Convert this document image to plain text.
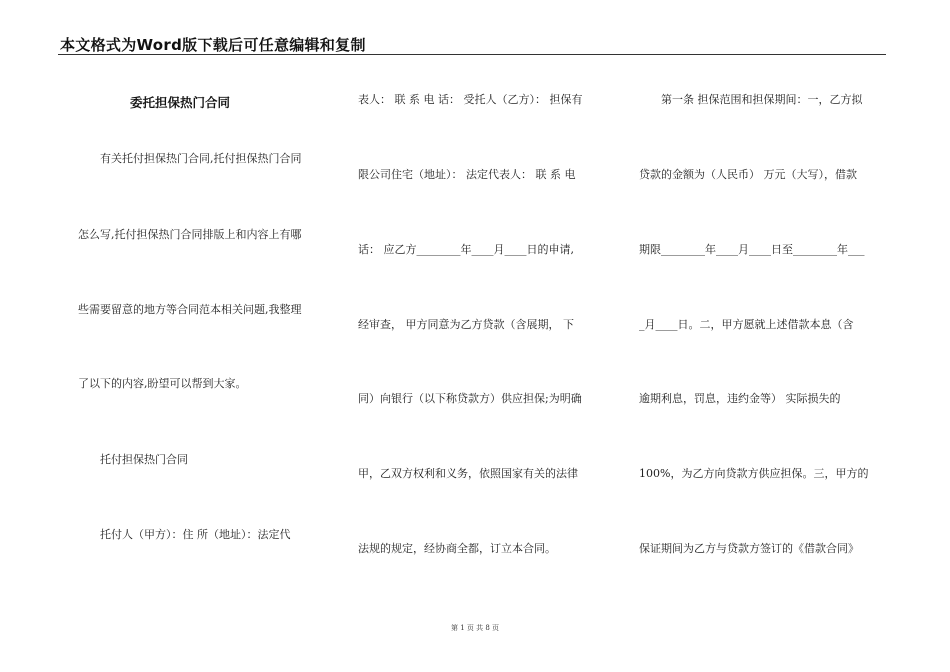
本文格式为Word版下载后可任意编辑和复制
委托担保热门合同
　　有关托付担保热门合同,托付担保热门合同
怎么写,托付担保热门合同排版上和内容上有哪
些需要留意的地方等合同范本相关问题,我整理
了以下的内容,盼望可以帮到大家。
　　托付担保热门合同
　　托付人（甲方）：住 所（地址）：法定代
表人： 联 系 电 话： 受托人（乙方）： 担保有
限公司住宅（地址）： 法定代表人： 联 系 电
话： 应乙方________年____月____日的申请,
经审查， 甲方同意为乙方贷款（含展期， 下
同）向银行（以下称贷款方）供应担保;为明确
甲，乙双方权利和义务，依照国家有关的法律
法规的规定，经协商全都，订立本合同。
　　第一条 担保范围和担保期间：一，乙方拟
贷款的金额为（人民币） 万元（大写），借款
期限________年____月____日至________年___
_月____日。二，甲方愿就上述借款本息（含
逾期利息，罚息，违约金等） 实际损失的
100%，为乙方向贷款方供应担保。三，甲方的
保证期间为乙方与贷款方签订的《借款合同》
第 1 页 共 8 页
